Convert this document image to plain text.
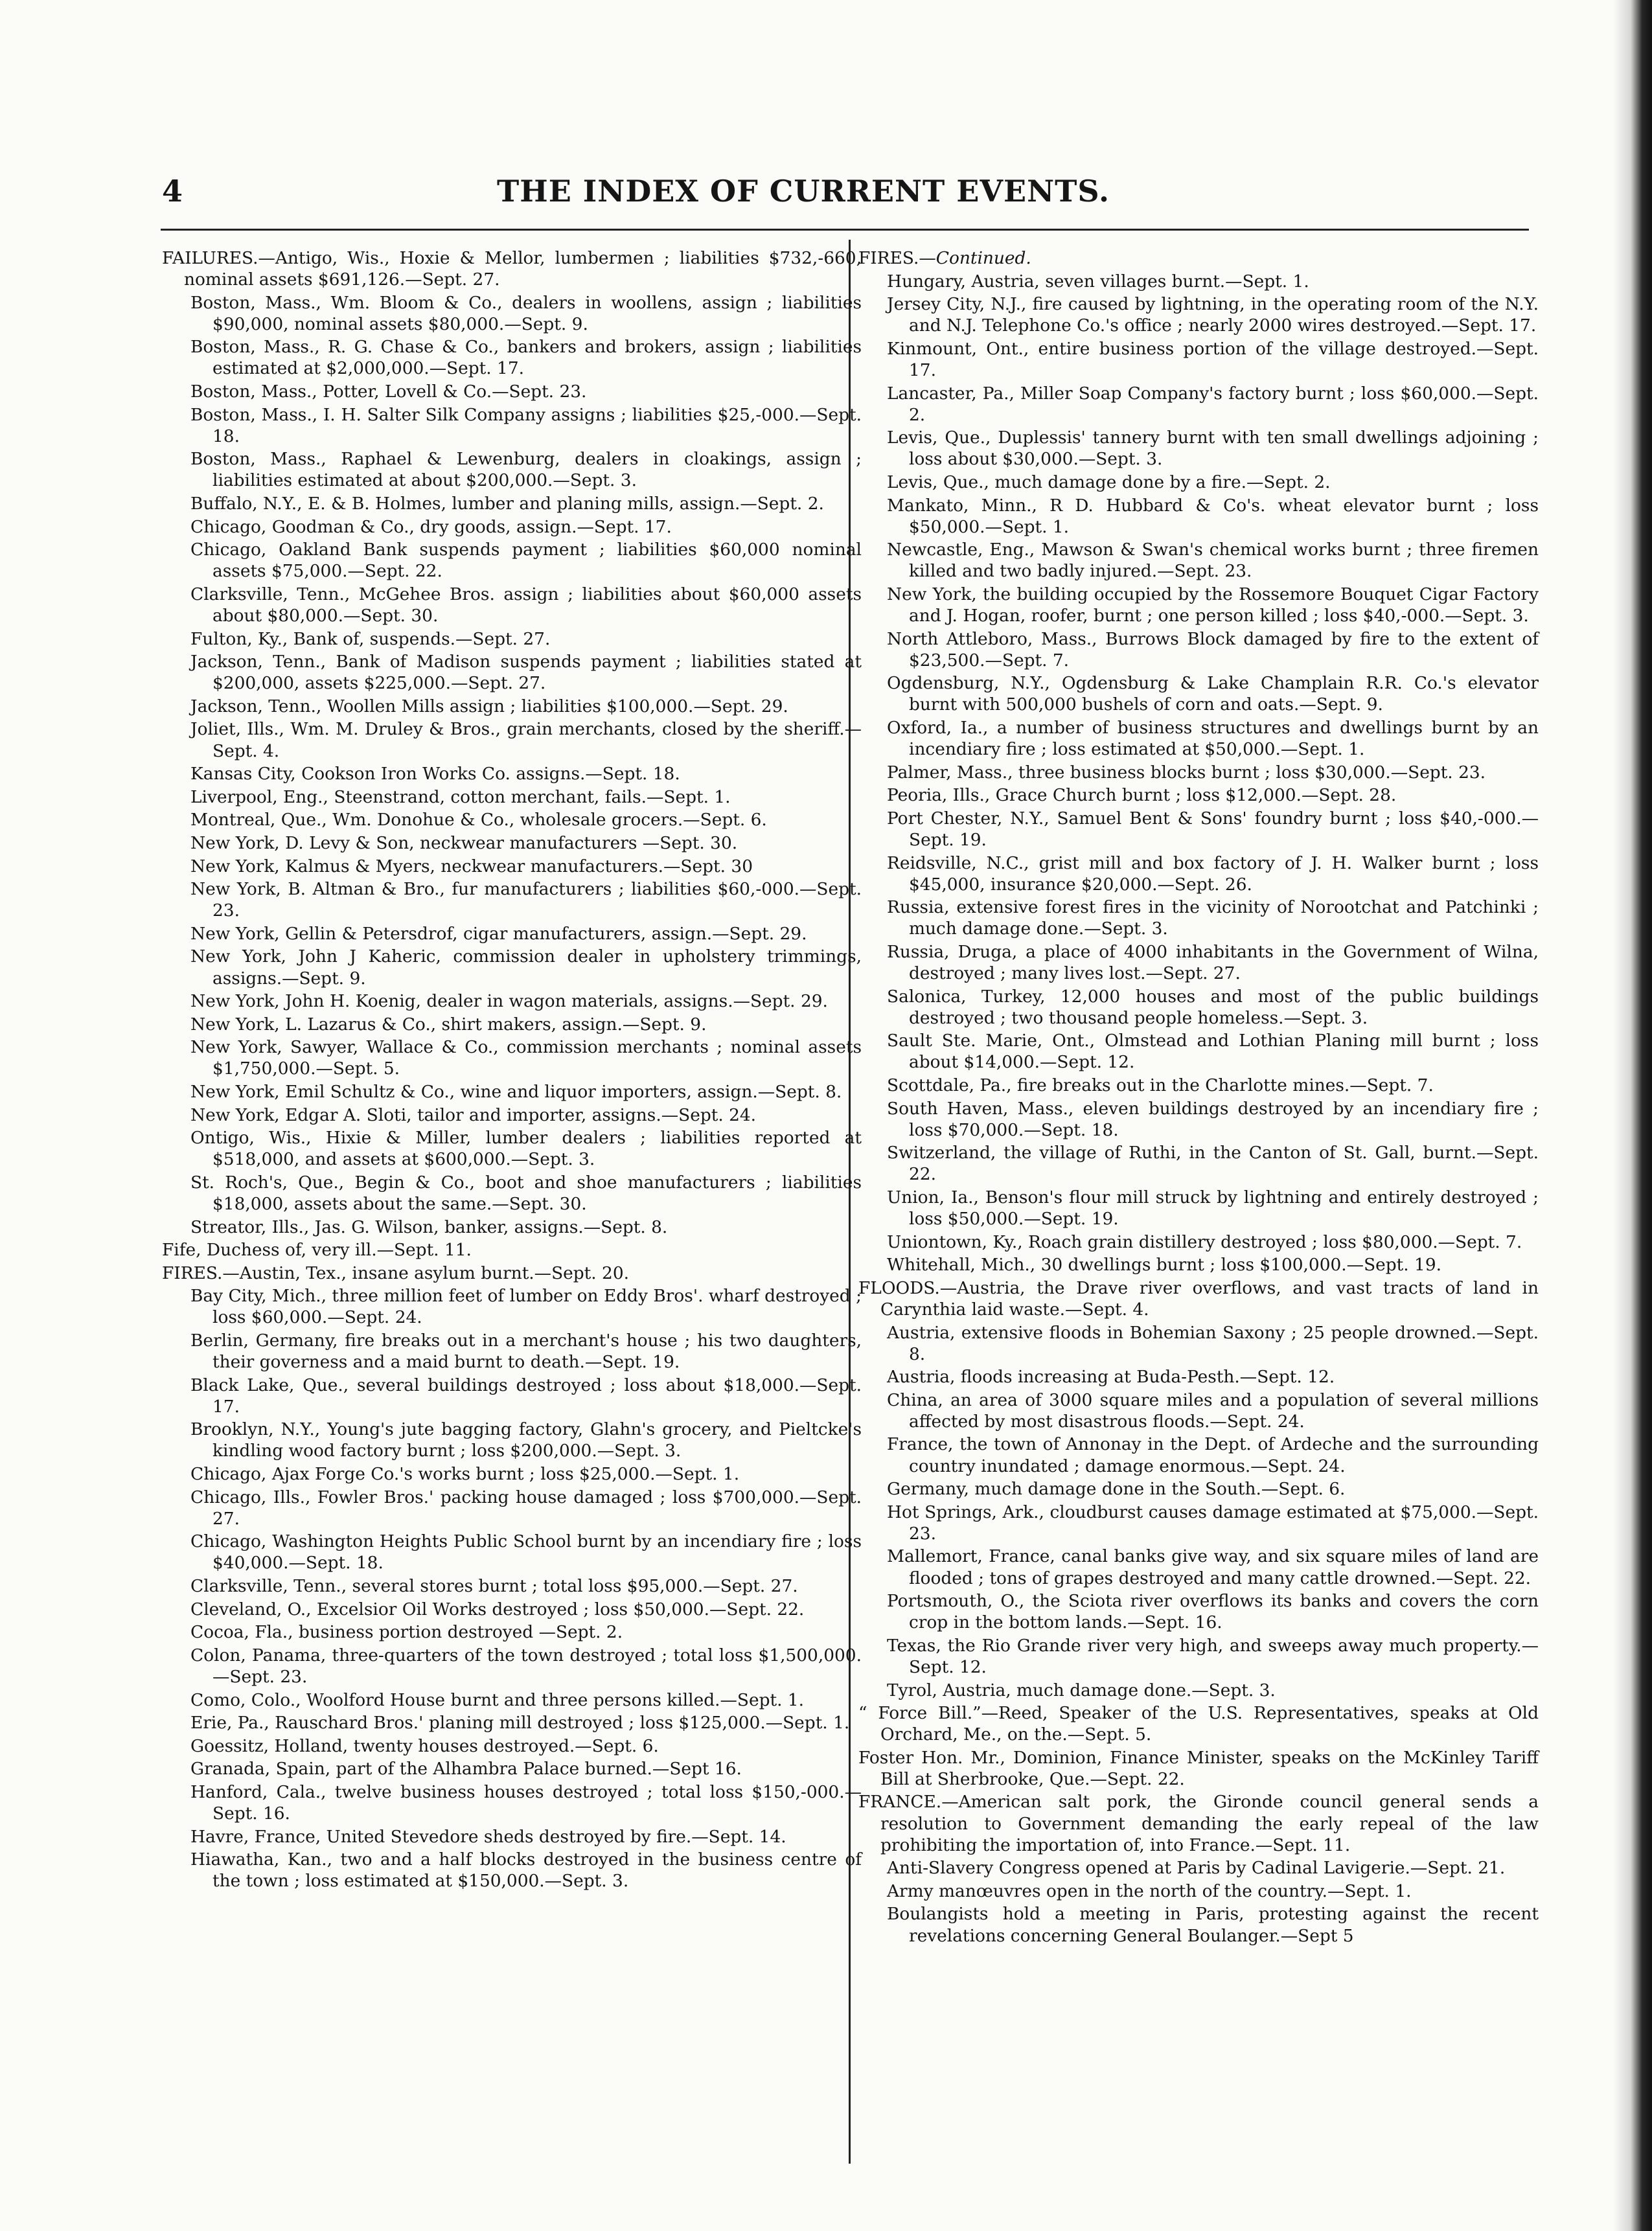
4	THE INDEX OF CURRENT EVENTS.
FAILURES.—Antigo, Wis., Hoxie & Mellor, lumbermen ; liabilities $732,-660, nominal assets $691,126.—Sept. 27.
Boston, Mass., Wm. Bloom & Co., dealers in woollens, assign ; liabilities $90,000, nominal assets $80,000.—Sept. 9.
Boston, Mass., R. G. Chase & Co., bankers and brokers, assign ; liabilities estimated at $2,000,000.—Sept. 17.
Boston, Mass., Potter, Lovell & Co.—Sept. 23.
Boston, Mass., I. H. Salter Silk Company assigns ; liabilities $25,-000.—Sept. 18.
Boston, Mass., Raphael & Lewenburg, dealers in cloakings, assign ; liabilities estimated at about $200,000.—Sept. 3.
Buffalo, N.Y., E. & B. Holmes, lumber and planing mills, assign.—Sept. 2.
Chicago, Goodman & Co., dry goods, assign.—Sept. 17.
Chicago, Oakland Bank suspends payment ; liabilities $60,000 nominal assets $75,000.—Sept. 22.
Clarksville, Tenn., McGehee Bros. assign ; liabilities about $60,000 assets about $80,000.—Sept. 30.
Fulton, Ky., Bank of, suspends.—Sept. 27.
Jackson, Tenn., Bank of Madison suspends payment ; liabilities stated at $200,000, assets $225,000.—Sept. 27.
Jackson, Tenn., Woollen Mills assign ; liabilities $100,000.—Sept. 29.
Joliet, Ills., Wm. M. Druley & Bros., grain merchants, closed by the sheriff.—Sept. 4.
Kansas City, Cookson Iron Works Co. assigns.—Sept. 18.
Liverpool, Eng., Steenstrand, cotton merchant, fails.—Sept. 1.
Montreal, Que., Wm. Donohue & Co., wholesale grocers.—Sept. 6.
New York, D. Levy & Son, neckwear manufacturers —Sept. 30.
New York, Kalmus & Myers, neckwear manufacturers.—Sept. 30
New York, B. Altman & Bro., fur manufacturers ; liabilities $60,-000.—Sept. 23.
New York, Gellin & Petersdrof, cigar manufacturers, assign.—Sept. 29.
New York, John J Kaheric, commission dealer in upholstery trimmings, assigns.—Sept. 9.
New York, John H. Koenig, dealer in wagon materials, assigns.—Sept. 29.
New York, L. Lazarus & Co., shirt makers, assign.—Sept. 9.
New York, Sawyer, Wallace & Co., commission merchants ; nominal assets $1,750,000.—Sept. 5.
New York, Emil Schultz & Co., wine and liquor importers, assign.—Sept. 8.
New York, Edgar A. Sloti, tailor and importer, assigns.—Sept. 24.
Ontigo, Wis., Hixie & Miller, lumber dealers ; liabilities reported at $518,000, and assets at $600,000.—Sept. 3.
St. Roch's, Que., Begin & Co., boot and shoe manufacturers ; liabilities $18,000, assets about the same.—Sept. 30.
Streator, Ills., Jas. G. Wilson, banker, assigns.—Sept. 8.
Fife, Duchess of, very ill.—Sept. 11.
FIRES.—Austin, Tex., insane asylum burnt.—Sept. 20.
Bay City, Mich., three million feet of lumber on Eddy Bros'. wharf destroyed ; loss $60,000.—Sept. 24.
Berlin, Germany, fire breaks out in a merchant's house ; his two daughters, their governess and a maid burnt to death.—Sept. 19.
Black Lake, Que., several buildings destroyed ; loss about $18,000.—Sept. 17.
Brooklyn, N.Y., Young's jute bagging factory, Glahn's grocery, and Pieltcke's kindling wood factory burnt ; loss $200,000.—Sept. 3.
Chicago, Ajax Forge Co.'s works burnt ; loss $25,000.—Sept. 1.
Chicago, Ills., Fowler Bros.' packing house damaged ; loss $700,000.—Sept. 27.
Chicago, Washington Heights Public School burnt by an incendiary fire ; loss $40,000.—Sept. 18.
Clarksville, Tenn., several stores burnt ; total loss $95,000.—Sept. 27.
Cleveland, O., Excelsior Oil Works destroyed ; loss $50,000.—Sept. 22.
Cocoa, Fla., business portion destroyed —Sept. 2.
Colon, Panama, three-quarters of the town destroyed ; total loss $1,500,000.—Sept. 23.
Como, Colo., Woolford House burnt and three persons killed.—Sept. 1.
Erie, Pa., Rauschard Bros.' planing mill destroyed ; loss $125,000.—Sept. 1.
Goessitz, Holland, twenty houses destroyed.—Sept. 6.
Granada, Spain, part of the Alhambra Palace burned.—Sept 16.
Hanford, Cala., twelve business houses destroyed ; total loss $150,-000.—Sept. 16.
Havre, France, United Stevedore sheds destroyed by fire.—Sept. 14.
Hiawatha, Kan., two and a half blocks destroyed in the business centre of the town ; loss estimated at $150,000.—Sept. 3.
FIRES.—Continued.
Hungary, Austria, seven villages burnt.—Sept. 1.
Jersey City, N.J., fire caused by lightning, in the operating room of the N.Y. and N.J. Telephone Co.'s office ; nearly 2000 wires destroyed.—Sept. 17.
Kinmount, Ont., entire business portion of the village destroyed.—Sept. 17.
Lancaster, Pa., Miller Soap Company's factory burnt ; loss $60,000.—Sept. 2.
Levis, Que., Duplessis' tannery burnt with ten small dwellings adjoining ; loss about $30,000.—Sept. 3.
Levis, Que., much damage done by a fire.—Sept. 2.
Mankato, Minn., R D. Hubbard & Co's. wheat elevator burnt ; loss $50,000.—Sept. 1.
Newcastle, Eng., Mawson & Swan's chemical works burnt ; three firemen killed and two badly injured.—Sept. 23.
New York, the building occupied by the Rossemore Bouquet Cigar Factory and J. Hogan, roofer, burnt ; one person killed ; loss $40,-000.—Sept. 3.
North Attleboro, Mass., Burrows Block damaged by fire to the extent of $23,500.—Sept. 7.
Ogdensburg, N.Y., Ogdensburg & Lake Champlain R.R. Co.'s elevator burnt with 500,000 bushels of corn and oats.—Sept. 9.
Oxford, Ia., a number of business structures and dwellings burnt by an incendiary fire ; loss estimated at $50,000.—Sept. 1.
Palmer, Mass., three business blocks burnt ; loss $30,000.—Sept. 23.
Peoria, Ills., Grace Church burnt ; loss $12,000.—Sept. 28.
Port Chester, N.Y., Samuel Bent & Sons' foundry burnt ; loss $40,-000.—Sept. 19.
Reidsville, N.C., grist mill and box factory of J. H. Walker burnt ; loss $45,000, insurance $20,000.—Sept. 26.
Russia, extensive forest fires in the vicinity of Norootchat and Patchinki ; much damage done.—Sept. 3.
Russia, Druga, a place of 4000 inhabitants in the Government of Wilna, destroyed ; many lives lost.—Sept. 27.
Salonica, Turkey, 12,000 houses and most of the public buildings destroyed ; two thousand people homeless.—Sept. 3.
Sault Ste. Marie, Ont., Olmstead and Lothian Planing mill burnt ; loss about $14,000.—Sept. 12.
Scottdale, Pa., fire breaks out in the Charlotte mines.—Sept. 7.
South Haven, Mass., eleven buildings destroyed by an incendiary fire ; loss $70,000.—Sept. 18.
Switzerland, the village of Ruthi, in the Canton of St. Gall, burnt.—Sept. 22.
Union, Ia., Benson's flour mill struck by lightning and entirely destroyed ; loss $50,000.—Sept. 19.
Uniontown, Ky., Roach grain distillery destroyed ; loss $80,000.—Sept. 7.
Whitehall, Mich., 30 dwellings burnt ; loss $100,000.—Sept. 19.
FLOODS.—Austria, the Drave river overflows, and vast tracts of land in Carynthia laid waste.—Sept. 4.
Austria, extensive floods in Bohemian Saxony ; 25 people drowned.—Sept. 8.
Austria, floods increasing at Buda-Pesth.—Sept. 12.
China, an area of 3000 square miles and a population of several millions affected by most disastrous floods.—Sept. 24.
France, the town of Annonay in the Dept. of Ardeche and the surrounding country inundated ; damage enormous.—Sept. 24.
Germany, much damage done in the South.—Sept. 6.
Hot Springs, Ark., cloudburst causes damage estimated at $75,000.—Sept. 23.
Mallemort, France, canal banks give way, and six square miles of land are flooded ; tons of grapes destroyed and many cattle drowned.—Sept. 22.
Portsmouth, O., the Sciota river overflows its banks and covers the corn crop in the bottom lands.—Sept. 16.
Texas, the Rio Grande river very high, and sweeps away much property.—Sept. 12.
Tyrol, Austria, much damage done.—Sept. 3.
“ Force Bill.”—Reed, Speaker of the U.S. Representatives, speaks at Old Orchard, Me., on the.—Sept. 5.
Foster Hon. Mr., Dominion, Finance Minister, speaks on the McKinley Tariff Bill at Sherbrooke, Que.—Sept. 22.
FRANCE.—American salt pork, the Gironde council general sends a resolution to Government demanding the early repeal of the law prohibiting the importation of, into France.—Sept. 11.
Anti-Slavery Congress opened at Paris by Cadinal Lavigerie.—Sept. 21.
Army manœuvres open in the north of the country.—Sept. 1.
Boulangists hold a meeting in Paris, protesting against the recent revelations concerning General Boulanger.—Sept 5
